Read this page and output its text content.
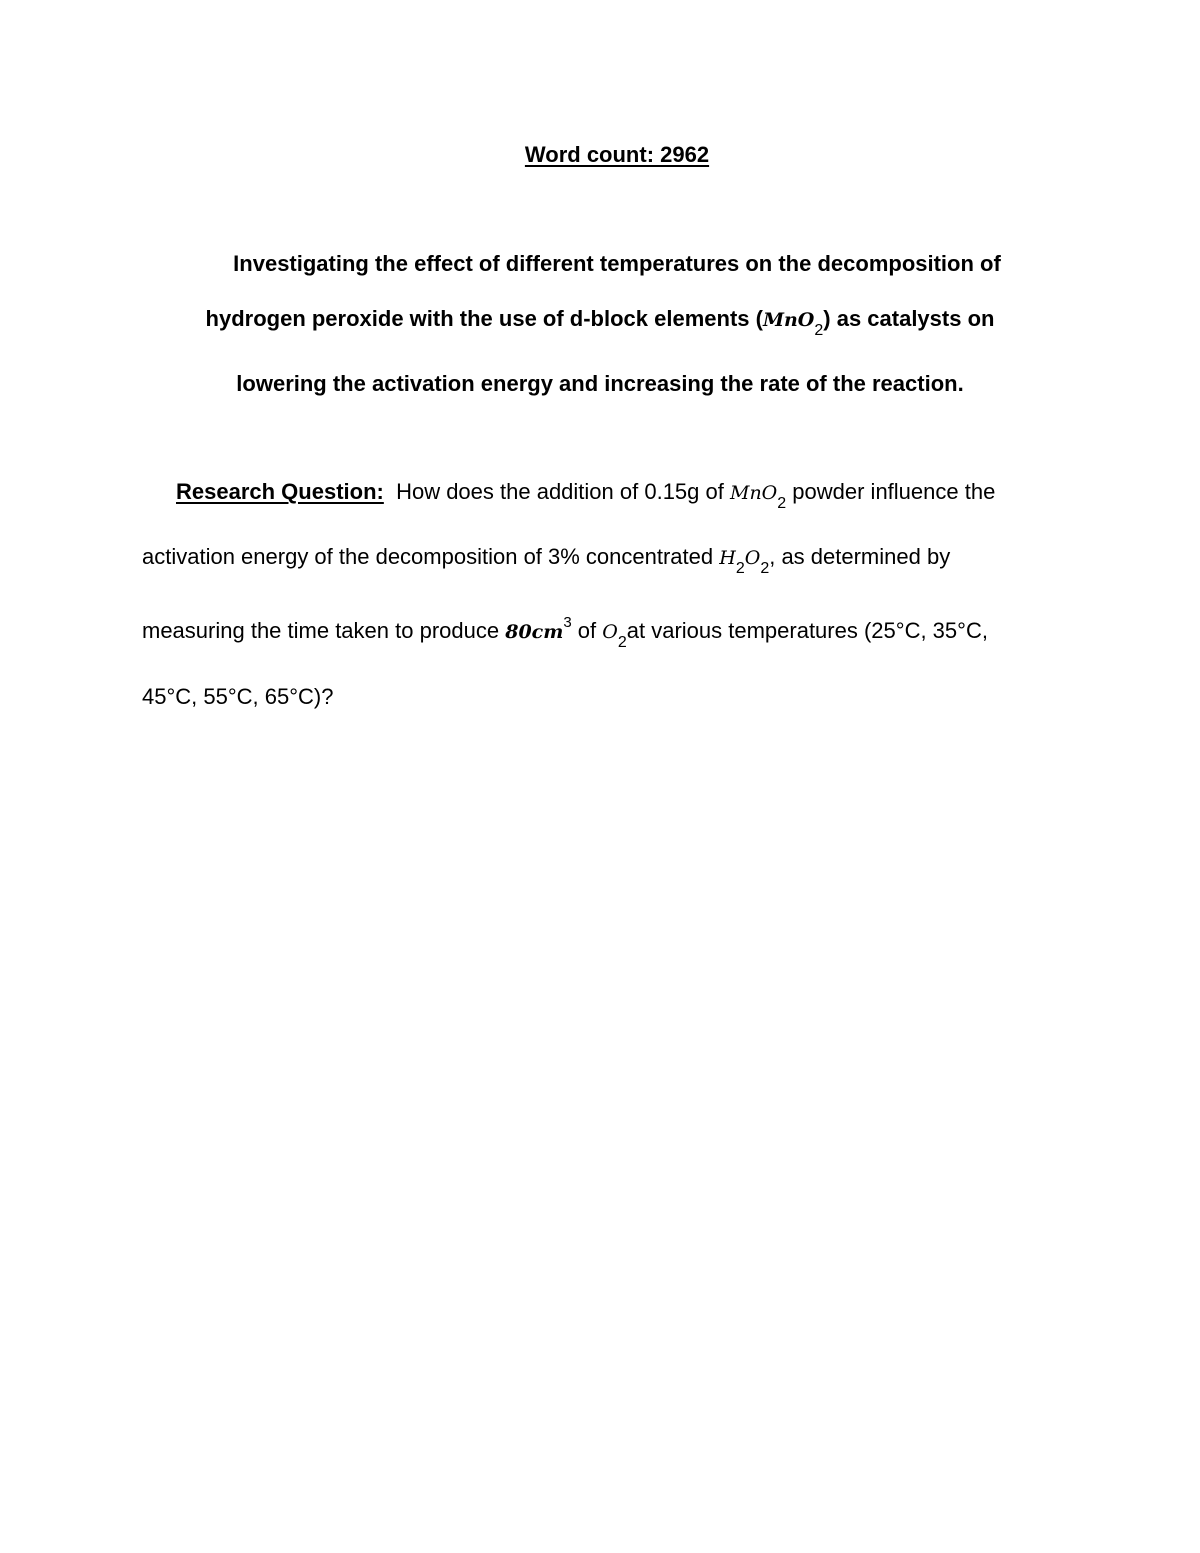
Word count: 2962
Investigating the effect of different temperatures on the decomposition of
hydrogen peroxide with the use of d-block elements (MnO$_2$) as catalysts on
lowering the activation energy and increasing the rate of the reaction.
Research Question: How does the addition of 0.15g of MnO$_2$ powder influence the
activation energy of the decomposition of 3% concentrated $H_2O_2$, as determined by
measuring the time taken to produce $80cm^3$ of $O_2at$ various temperatures (25°C, 35°C,
45°C, 55°C, 65°C)?
